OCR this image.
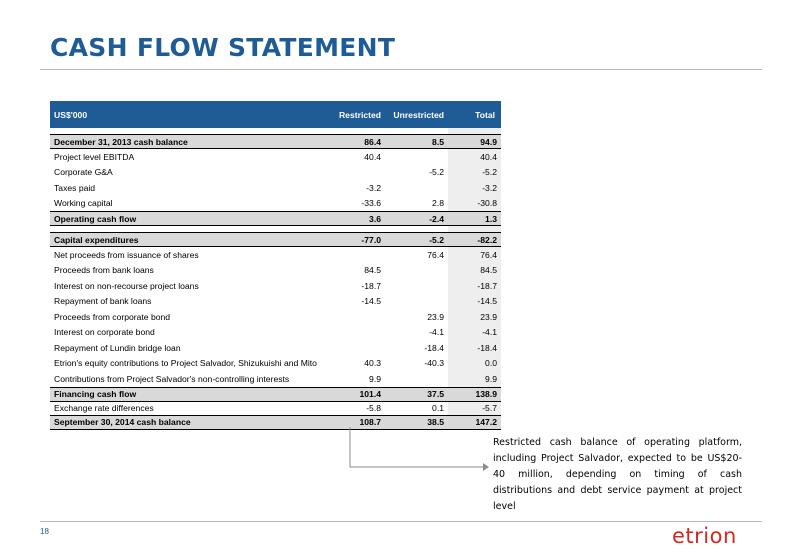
CASH FLOW STATEMENT
US$'000	Restricted	Unrestricted	Total

December 31, 2013 cash balance	86.4	8.5	94.9
Project level EBITDA	40.4		40.4
Corporate G&A		-5.2	-5.2
Taxes paid	-3.2		-3.2
Working capital	-33.6	2.8	-30.8
Operating cash flow	3.6	-2.4	1.3

Capital expenditures	-77.0	-5.2	-82.2
Net proceeds from issuance of shares		76.4	76.4
Proceeds from bank loans	84.5		84.5
Interest on non-recourse project loans	-18.7		-18.7
Repayment of bank loans	-14.5		-14.5
Proceeds from corporate bond		23.9	23.9
Interest on corporate bond		-4.1	-4.1
Repayment of Lundin bridge loan		-18.4	-18.4
Etrion's equity contributions to Project Salvador, Shizukuishi and Mito	40.3	-40.3	0.0
Contributions from Project Salvador's non-controlling interests	9.9		9.9
Financing cash flow	101.4	37.5	138.9
Exchange rate differences	-5.8	0.1	-5.7
September 30, 2014 cash balance	108.7	38.5	147.2

Restricted cash balance of operating platform, including Project Salvador, expected to be US$20-40 million, depending on timing of cash distributions and debt service payment at project level

18	etrion
